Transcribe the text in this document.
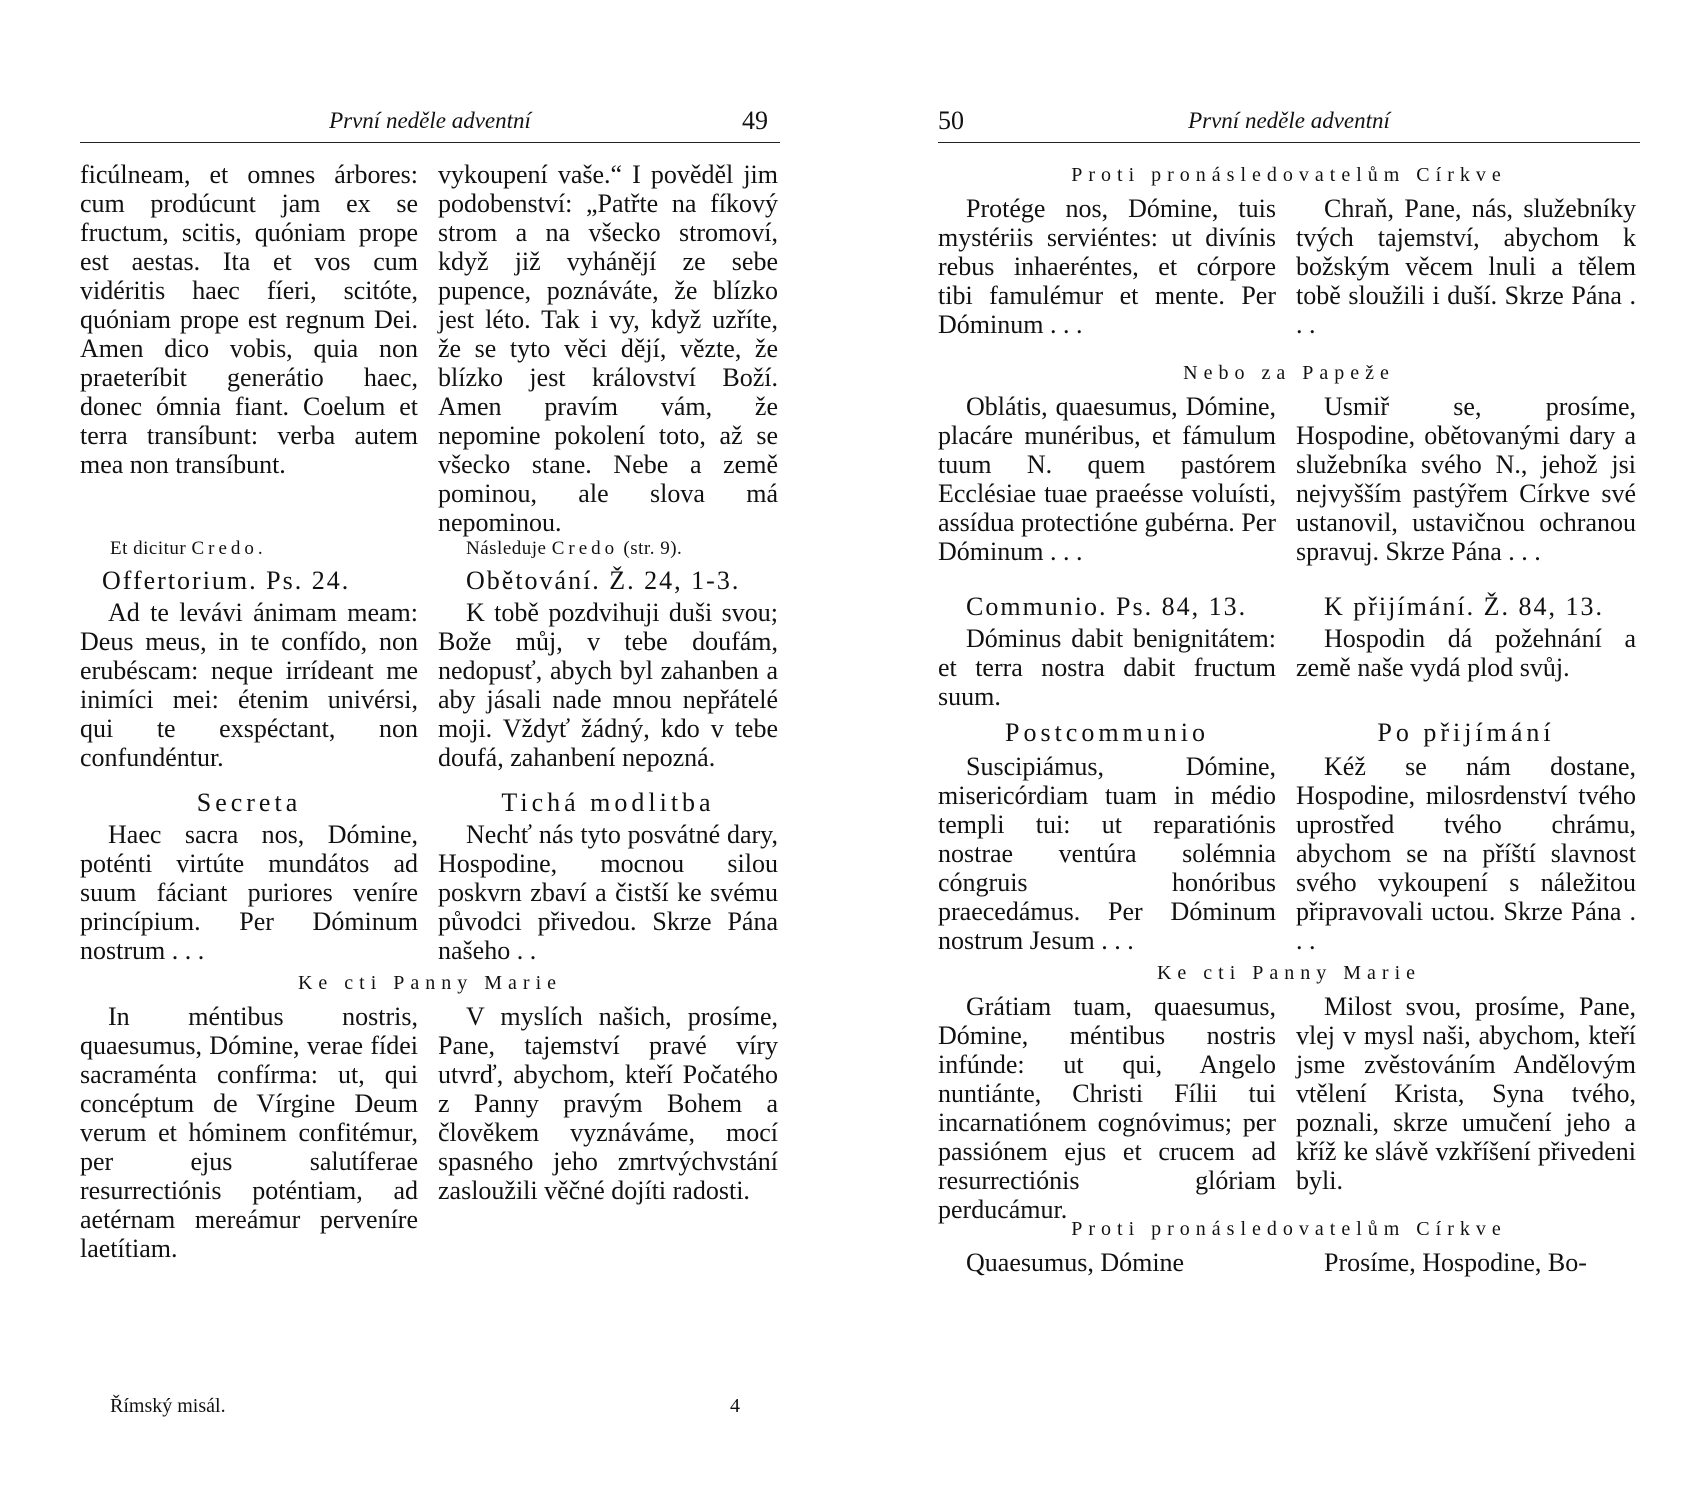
První neděle adventní	49

ficúlneam, et omnes árbores: cum prodúcunt jam ex se fructum, scitis, quóniam prope est aestas. Ita et vos cum vidéritis haec fíeri, scitóte, quóniam prope est regnum Dei. Amen dico vobis, quia non praeteríbit generátio haec, donec ómnia fiant. Coelum et terra transíbunt: verba autem mea non transíbunt.

vykoupení vaše.“ I pověděl jim podobenství: „Patřte na fíkový strom a na všecko stromoví, když již vyhánějí ze sebe pupence, poznáváte, že blízko jest léto. Tak i vy, když uzříte, že se tyto věci dějí, vězte, že blízko jest království Boží. Amen pravím vám, že nepomine pokolení toto, až se všecko stane. Nebe a země pominou, ale slova má nepominou.

Et dicitur Credo.	Následuje Credo (str. 9).
Offertorium. Ps. 24.

Ad te levávi ánimam meam: Deus meus, in te confído, non erubéscam: neque irrídeant me inimíci mei: étenim univérsi, qui te exspéctant, non confundéntur.

Obětování. Ž. 24, 1-3.

K tobě pozdvihuji duši svou; Bože můj, v tebe doufám, nedopusť, abych byl zahanben a aby jásali nade mnou nepřátelé moji. Vždyť žádný, kdo v tebe doufá, zahanbení nepozná.

Secreta

Haec sacra nos, Dómine, poténti virtúte mundátos ad suum fáciant puriores veníre princípium. Per Dóminum nostrum . . .

Tichá modlitba

Nechť nás tyto posvátné dary, Hospodine, mocnou silou poskvrn zbaví a čistší ke svému původci přivedou. Skrze Pána našeho . .

Ke cti Panny Marie

In méntibus nostris, quaesumus, Dómine, verae fídei sacraménta confírma: ut, qui concéptum de Vírgine Deum verum et hóminem confitémur, per ejus salutíferae resurrectiónis poténtiam, ad aetérnam mereámur perveníre laetítiam.

V myslích našich, prosíme, Pane, tajemství pravé víry utvrď, abychom, kteří Počatého z Panny pravým Bohem a člověkem vyznáváme, mocí spasného jeho zmrtvýchvstání zasloužili věčné dojíti radosti.

Římský misál.	4
První neděle adventní
50
Proti pronásledovatelům Církve

Protége nos, Dómine, tuis mystériis serviéntes: ut divínis rebus inhaeréntes, et córpore tibi famulémur et mente. Per Dóminum . . .

Chraň, Pane, nás, služebníky tvých tajemství, abychom k božským věcem lnuli a tělem tobě sloužili i duší. Skrze Pána . . .

Nebo za Papeže

Oblátis, quaesumus, Dómine, placáre munéribus, et fámulum tuum N. quem pastórem Ecclésiae tuae praeésse voluísti, assídua protectióne gubérna. Per Dóminum . . .

Usmiř se, prosíme, Hospodine, obětovanými dary a služebníka svého N., jehož jsi nejvyšším pastýřem Církve své ustanovil, ustavičnou ochranou spravuj. Skrze Pána . . .

Communio. Ps. 84, 13.

Dóminus dabit benignitátem: et terra nostra dabit fructum suum.

K přijímání. Ž. 84, 13.

Hospodin dá požehnání a země naše vydá plod svůj.

Postcommunio

Suscipiámus, Dómine, misericórdiam tuam in médio templi tui: ut reparatiónis nostrae ventúra solémnia cóngruis honóribus praecedámus. Per Dóminum nostrum Jesum . . .

Po přijímání

Kéž se nám dostane, Hospodine, milosrdenství tvého uprostřed tvého chrámu, abychom se na příští slavnost svého vykoupení s náležitou připravovali uctou. Skrze Pána . . .

Ke cti Panny Marie

Grátiam tuam, quaesumus, Dómine, méntibus nostris infúnde: ut qui, Angelo nuntiánte, Christi Fílii tui incarnatiónem cognóvimus; per passiónem ejus et crucem ad resurrectiónis glóriam perducámur.

Milost svou, prosíme, Pane, vlej v mysl naši, abychom, kteří jsme zvěstováním Andělovým vtělení Krista, Syna tvého, poznali, skrze umučení jeho a kříž ke slávě vzkříšení přivedeni byli.

Proti pronásledovatelům Církve

Quaesumus, Dómine	Prosíme, Hospodine, Bo-
